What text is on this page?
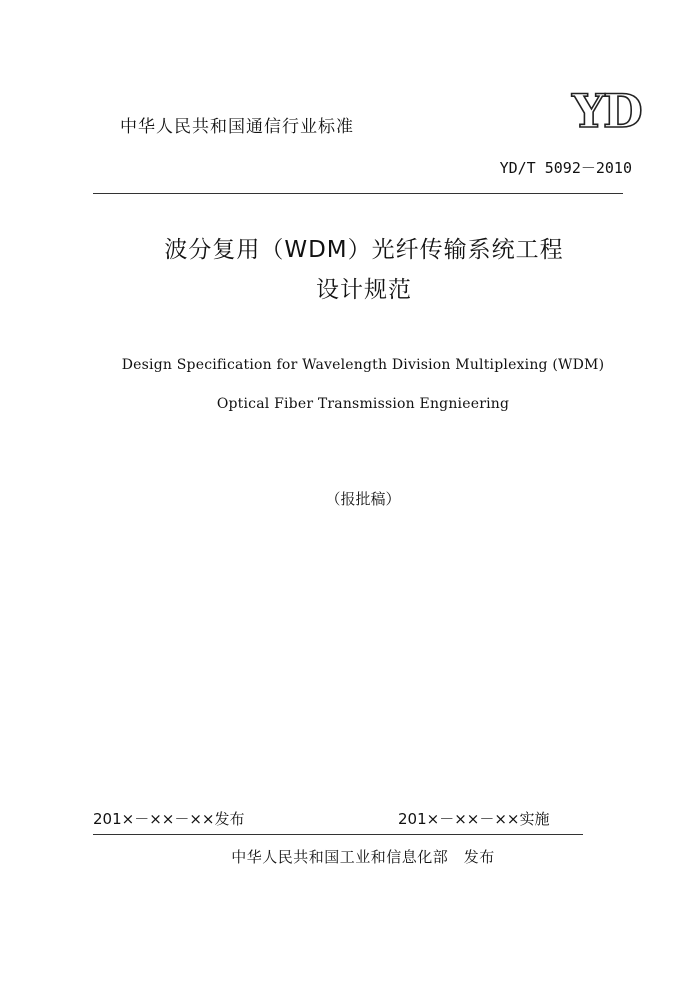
中华人民共和国通信行业标准	YD
YD/T 5092－2010
波分复用（WDM）光纤传输系统工程
设计规范
Design Specification for Wavelength Division Multiplexing (WDM)
Optical Fiber Transmission Engnieering
（报批稿）
201×－××－××发布	201×－××－××实施
中华人民共和国工业和信息化部　发布
